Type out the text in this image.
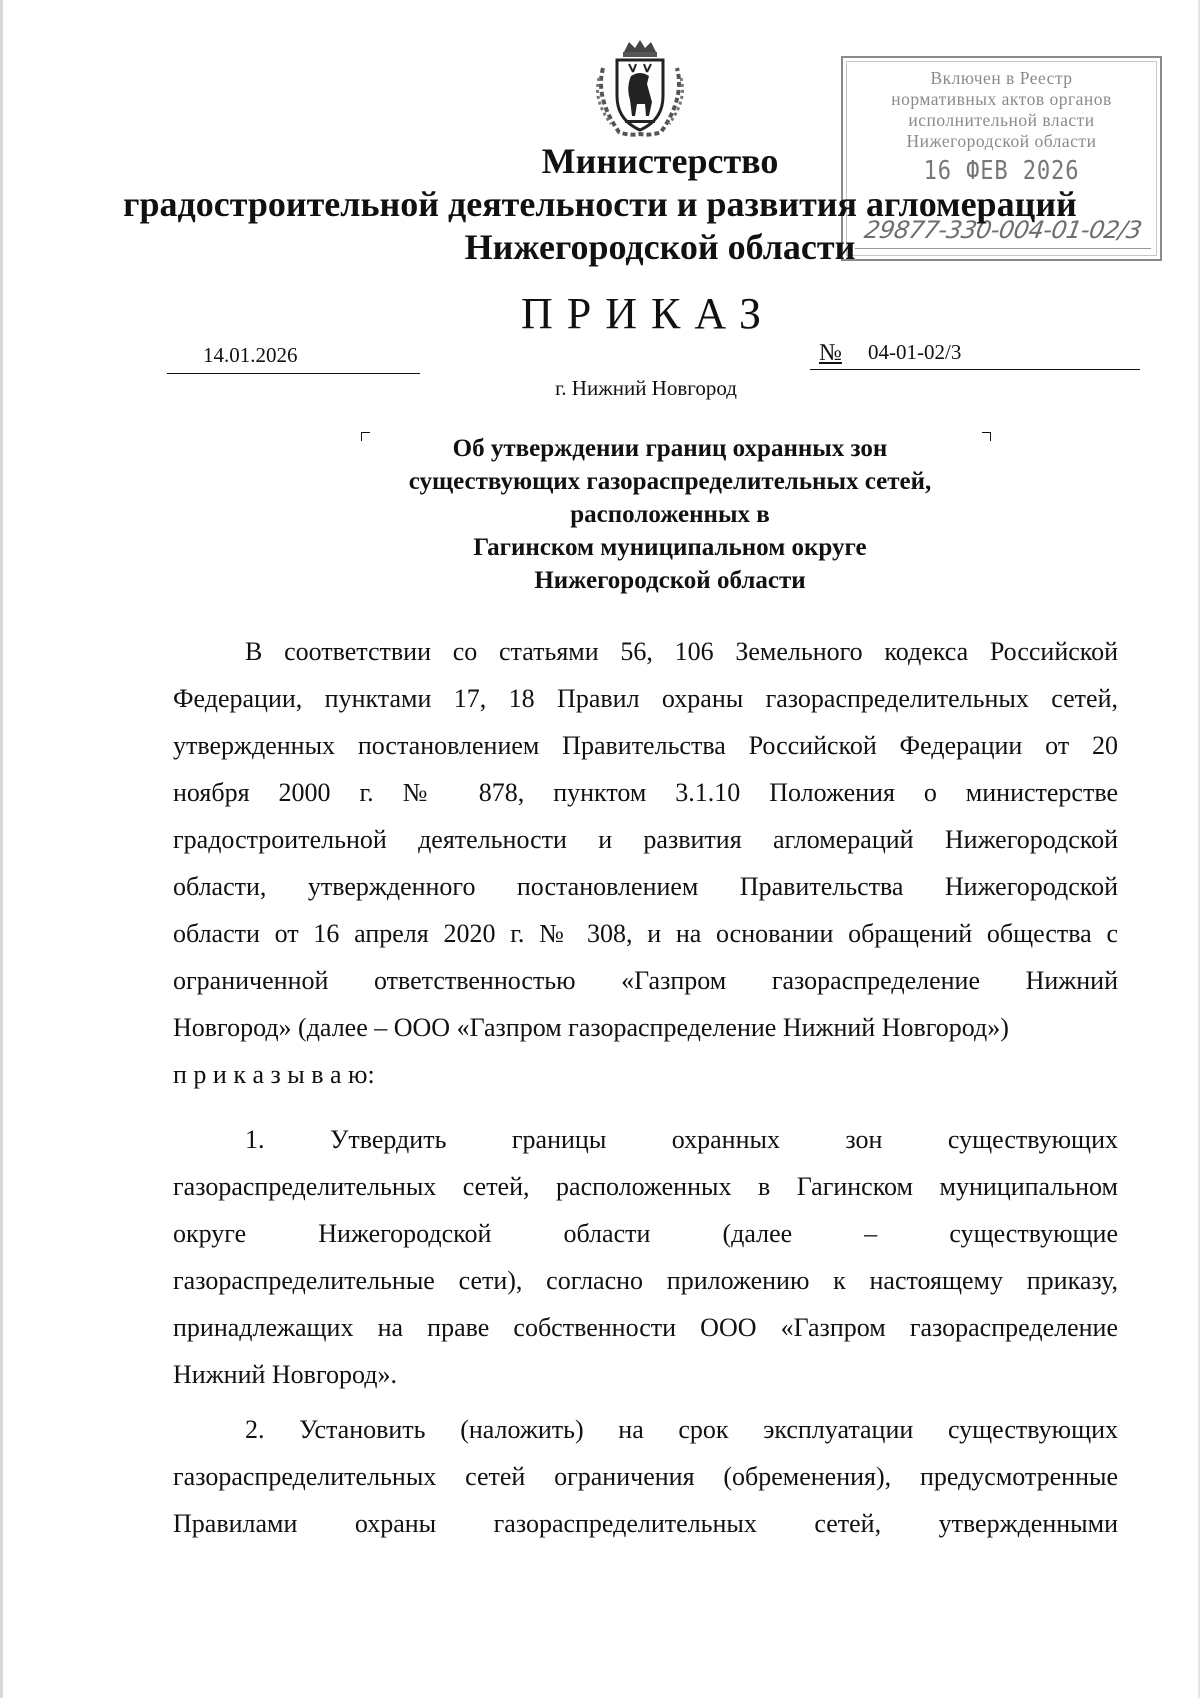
Включен в Реестр
нормативных актов органов
исполнительной власти
Нижегородской области
16 ФЕВ 2026
29877-330-004-01-02/3
Министерство
градостроительной деятельности и развития агломераций
Нижегородской области
ПРИКАЗ
14.01.2026	№ 04-01-02/3
г. Нижний Новгород
Об утверждении границ охранных зон
существующих газораспределительных сетей,
расположенных в
Гагинском муниципальном округе
Нижегородской области
В соответствии со статьями 56, 106 Земельного кодекса Российской
Федерации, пунктами 17, 18 Правил охраны газораспределительных сетей,
утвержденных постановлением Правительства Российской Федерации от 20
ноября 2000 г. № 878, пунктом 3.1.10 Положения о министерстве
градостроительной деятельности и развития агломераций Нижегородской
области, утвержденного постановлением Правительства Нижегородской
области от 16 апреля 2020 г. № 308, и на основании обращений общества с
ограниченной ответственностью «Газпром газораспределение Нижний
Новгород» (далее – ООО «Газпром газораспределение Нижний Новгород»)
п р и к а з ы в а ю:
1. Утвердить границы охранных зон существующих
газораспределительных сетей, расположенных в Гагинском муниципальном
округе Нижегородской области (далее – существующие
газораспределительные сети), согласно приложению к настоящему приказу,
принадлежащих на праве собственности ООО «Газпром газораспределение
Нижний Новгород».
2. Установить (наложить) на срок эксплуатации существующих
газораспределительных сетей ограничения (обременения), предусмотренные
Правилами охраны газораспределительных сетей, утвержденными
